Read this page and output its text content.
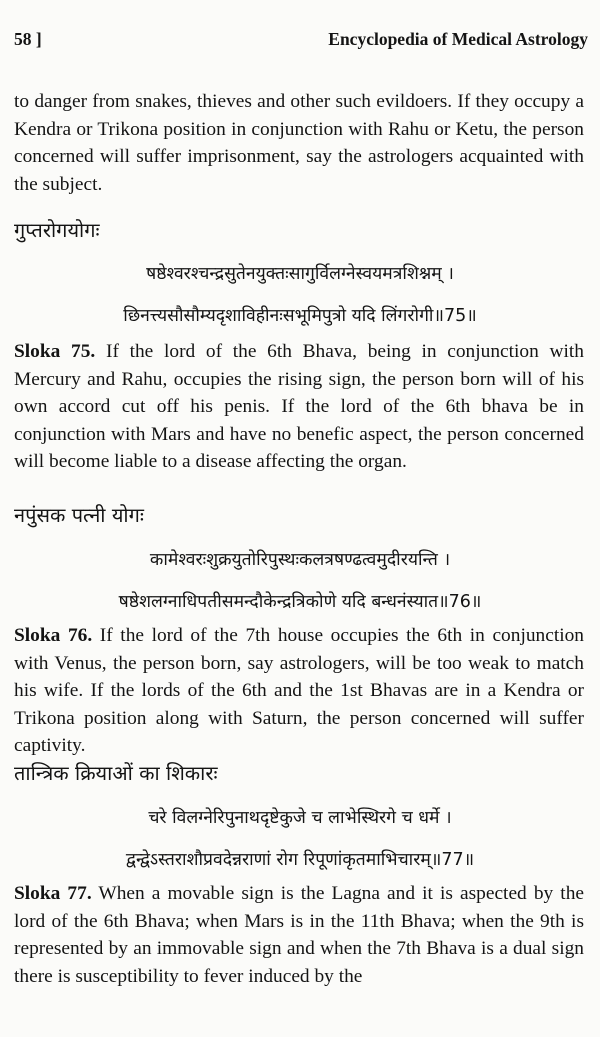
58 ]	Encyclopedia of Medical Astrology

to danger from snakes, thieves and other such evildoers. If they occupy a Kendra or Trikona position in conjunction with Rahu or Ketu, the person concerned will suffer imprisonment, say the astrologers acquainted with the subject.

गुप्तरोगयोगः

षष्ठेश्वरश्चन्द्रसुतेनयुक्तःसागुर्विलग्नेस्वयमत्रशिश्नम् ।

छिनत्त्यसौसौम्यदृशाविहीनःसभूमिपुत्रो यदि लिंगरोगी॥75॥

Sloka 75. If the lord of the 6th Bhava, being in conjunction with Mercury and Rahu, occupies the rising sign, the person born will of his own accord cut off his penis. If the lord of the 6th bhava be in conjunction with Mars and have no benefic aspect, the person concerned will become liable to a disease affecting the organ.

नपुंसक पत्नी योगः

कामेश्वरःशुक्रयुतोरिपुस्थःकलत्रषण्ढत्वमुदीरयन्ति ।

षष्ठेशलग्नाधिपतीसमन्दौकेन्द्रत्रिकोणे यदि बन्धनंस्यात॥76॥

Sloka 76. If the lord of the 7th house occupies the 6th in conjunction with Venus, the person born, say astrologers, will be too weak to match his wife. If the lords of the 6th and the 1st Bhavas are in a Kendra or Trikona position along with Saturn, the person concerned will suffer captivity.

तान्त्रिक क्रियाओं का शिकारः

चरे विलग्नेरिपुनाथदृष्टेकुजे च लाभेस्थिरगे च धर्मे ।

द्वन्द्वेऽस्तराशौप्रवदेन्नराणां रोग रिपूणांकृतमाभिचारम्॥77॥

Sloka 77. When a movable sign is the Lagna and it is aspected by the lord of the 6th Bhava; when Mars is in the 11th Bhava; when the 9th is represented by an immovable sign and when the 7th Bhava is a dual sign there is susceptibility to fever induced by the
